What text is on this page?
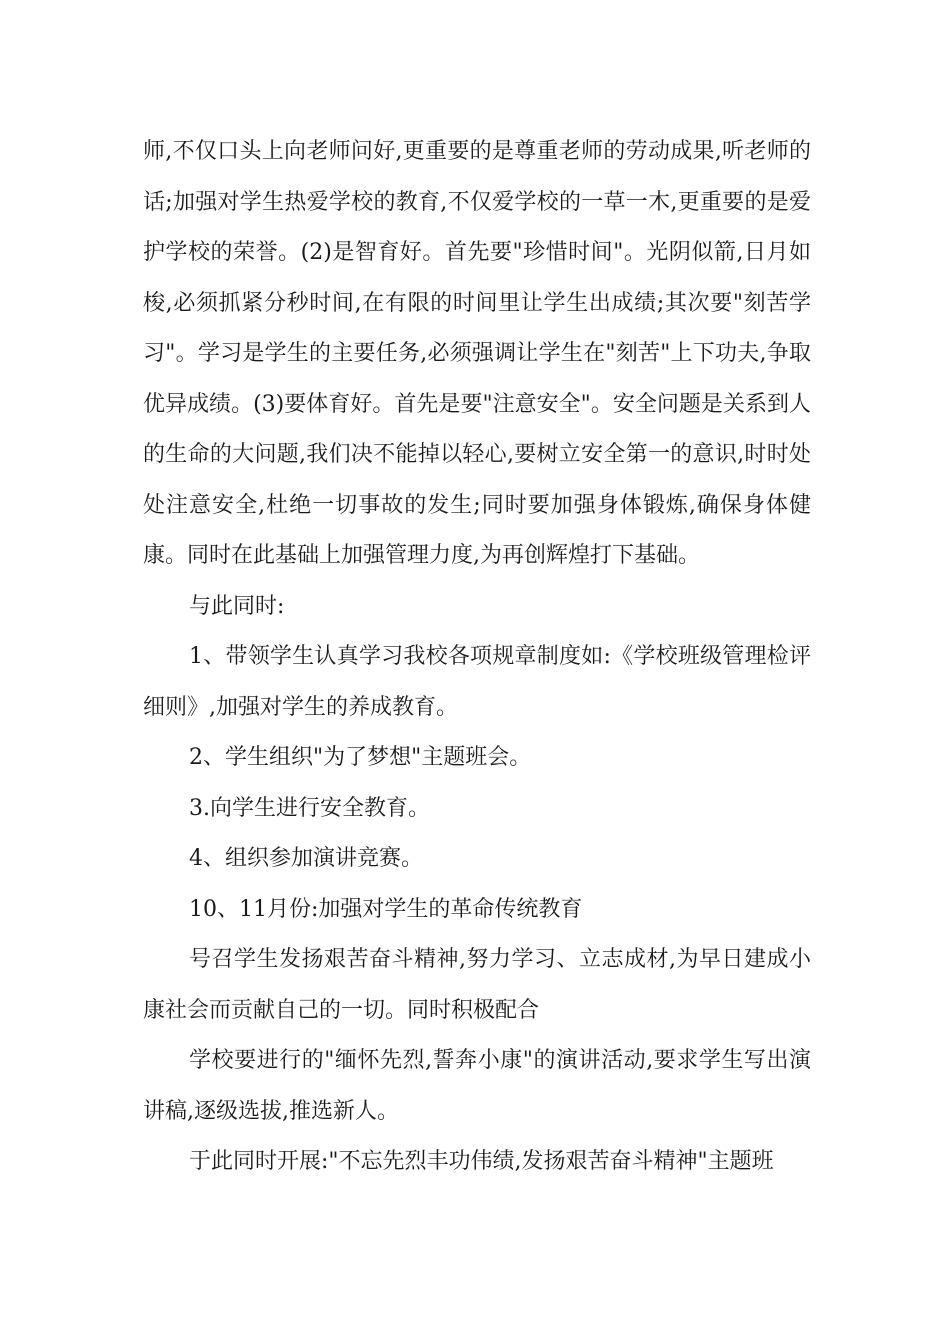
师,不仅口头上向老师问好,更重要的是尊重老师的劳动成果,听老师的话;加强对学生热爱学校的教育,不仅爱学校的一草一木,更重要的是爱护学校的荣誉。(2)是智育好。首先要"珍惜时间"。光阴似箭,日月如梭,必须抓紧分秒时间,在有限的时间里让学生出成绩;其次要"刻苦学习"。学习是学生的主要任务,必须强调让学生在"刻苦"上下功夫,争取优异成绩。(3)要体育好。首先是要"注意安全"。安全问题是关系到人的生命的大问题,我们决不能掉以轻心,要树立安全第一的意识,时时处处注意安全,杜绝一切事故的发生;同时要加强身体锻炼,确保身体健康。同时在此基础上加强管理力度,为再创辉煌打下基础。

与此同时:

1、带领学生认真学习我校各项规章制度如:《学校班级管理检评细则》,加强对学生的养成教育。

2、学生组织"为了梦想"主题班会。

3.向学生进行安全教育。

4、组织参加演讲竞赛。

10、11月份:加强对学生的革命传统教育

号召学生发扬艰苦奋斗精神,努力学习、立志成材,为早日建成小康社会而贡献自己的一切。同时积极配合

学校要进行的"缅怀先烈,誓奔小康"的演讲活动,要求学生写出演讲稿,逐级选拔,推选新人。

于此同时开展:"不忘先烈丰功伟绩,发扬艰苦奋斗精神"主题班
